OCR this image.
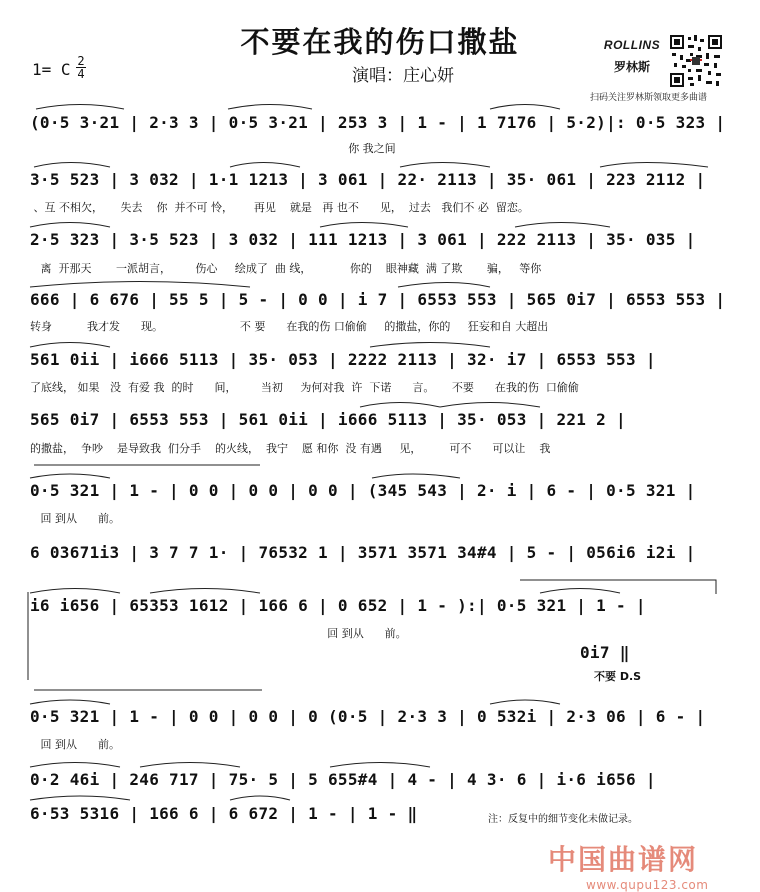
不要在我的伤口撒盐
1= C 2
4	演唱：庄心妍
ROLLINS
罗林斯
扫码关注罗林斯领取更多曲谱
(0·5 3·21 | 2·3 3 | 0·5 3·21 | 253 3 | 1 - | 1 7176 | 5·2)|: 0·5 323 |
你 我之间
3·5 523 | 3 032 | 1·1 1213 | 3 061 | 22· 2113 | 35· 061 | 223 2112 |
、互 不相欠，     失去    你  并不可 怜，      再见    就是   再 也不      见，  过去   我们不 必  留恋。
2·5 323 | 3·5 523 | 3 032 | 111 1213 | 3 061 | 222 2113 | 35· 035 |
离  开那天       一派胡言，       伤心     绘成了  曲 线，           你的    眼神藏  满 了欺       骗，   等你
666 | 6 676 | 55 5 | 5 - | 0 0 | i 7 | 6553 553 | 565 0i7 | 6553 553 |
转身          我才发      现。                      不 要      在我的伤 口偷偷     的撒盐，你的     狂妄和自 大超出
561 0ii | i666 5113 | 35· 053 | 2222 2113 | 32· i7 | 6553 553 |
了底线， 如果   没  有爱 我  的时      间，       当初     为何对我  许  下诺      言。     不要      在我的伤  口偷偷
565 0i7 | 6553 553 | 561 0ii | i666 5113 | 35· 053 | 221 2 |
的撒盐，  争吵    是导致我  们分手    的火线，  我宁    愿 和你  没 有遇     见，        可不      可以让    我
0·5 321 | 1 - | 0 0 | 0 0 | 0 0 | (345 543 | 2· i | 6 - | 0·5 321 |
回 到从      前。
6 03671i3 | 3 7 7 1· | 76532 1 | 3571 3571 34#4 | 5 - | 056i6 i2i |
i6 i656 | 65353 1612 | 166 6 | 0 652 | 1 - ):| 0·5 321 | 1 - |
回 到从      前。
0i7 ‖
不要 D.S
0·5 321 | 1 - | 0 0 | 0 0 | 0 (0·5 | 2·3 3 | 0 532i | 2·3 06 | 6 - |
回 到从      前。
0·2 46i | 246 717 | 75· 5 | 5 655#4 | 4 - | 4 3· 6 | i·6 i656 |
6·53 5316 | 166 6 | 6 672 | 1 - | 1 - ‖	注：反复中的细节变化未做记录。
中国曲谱网
www.qupu123.com
